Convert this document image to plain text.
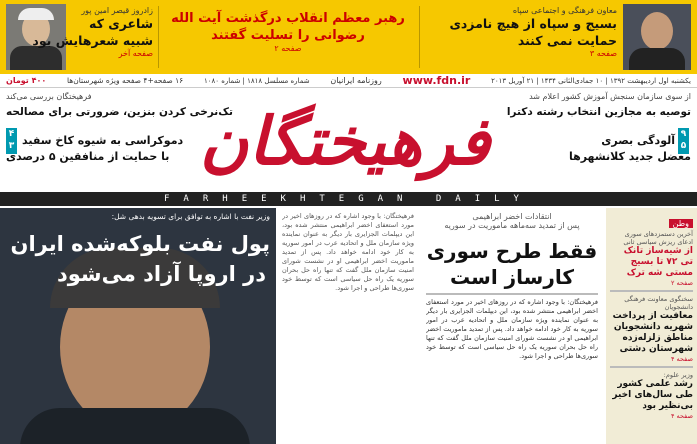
معاون فرهنگی و اجتماعی سپاه
بسیج و سپاه از هیچ نامزدی
حمایت نمی کنند
صفحه ۳
رهبر معظم انقلاب درگذشت آیت الله
رضوانی را تسلیت گفتند
صفحه ۲
زادروز قیصر امین پور
شاعری که
شبیه شعرهایش بود
صفحه آخر
یکشنبه اول اردیبهشت ۱۳۹۲ | ۱۰ جمادی‌الثانی ۱۴۳۴ | ۲۱ آوریل ۲۰۱۳
www.fdn.ir
روزنامه ایرانیان
شماره مسلسل ۱۸۱۸ | شماره ۱۰۸۰
۱۶ صفحه+۴ صفحه ویژه شهرستان‌ها
۴۰۰ تومان
فرهیختگان
از سوی سازمان سنجش آموزش کشور اعلام شد
توصیه به مجازین انتخاب رشته دکترا
۹ ۵
آلودگی بصری
معضل جدید کلانشهرها
فرهیختگان بررسی می‌کند
تک‌نرخی کردن بنزین، ضرورتی برای مصالحه
۴ ۳ دموکراسی به شیوه کاخ سفید
با حمایت از منافقین ۵ درصدی
FARHEEKHTEGAN DAILY
وزیر نفت با اشاره به توافق برای تسویه بدهی شل:
پول نفت بلوکه‌شده ایران
در اروپا آزاد می‌شود
انتقادات اخضر ابراهیمی
پس از تمدید سه‌ماهه ماموریت در سوریه
فقط طرح سوری
کارساز است
فرهیختگان: با وجود اشاره که در روزهای اخیر در مورد استعفای اخضر ابراهیمی منتشر شده بود، این دیپلمات الجزایری بار دیگر به عنوان نماینده ویژه سازمان ملل و اتحادیه عرب در امور سوریه به کار خود ادامه خواهد داد. پس از تمدید ماموریت اخضر ابراهیمی او در نشست شورای امنیت سازمان ملل گفت که تنها راه حل بحران سوریه یک راه حل سیاسی است که توسط خود سوری‌ها طراحی و اجرا شود.
فرهیختگان: با وجود اشاره که در روزهای اخیر در مورد استعفای اخضر ابراهیمی منتشر شده بود، این دیپلمات الجزایری بار دیگر به عنوان نماینده ویژه سازمان ملل و اتحادیه عرب در امور سوریه به کار خود ادامه خواهد داد. پس از تمدید ماموریت اخضر ابراهیمی او در نشست شورای امنیت سازمان ملل گفت که تنها راه حل بحران سوریه یک راه حل سیاسی است که توسط خود سوری‌ها طراحی و اجرا شود.
وطن
آخرین دستمزدهای سوری ادعای ریزش سیاسی ثانی
از شیه‌ساز تانک تی ۷۲ تا بسیج مستی شه‌ ترک
صفحه ۲
سخنگوی معاونت فرهنگی دانشجویان
معافیت از پرداخت شهریه دانشجویان مناطق زلزله‌زده شهرستان دشتی
صفحه ۴
وزیر علوم:
رشد علمی کشور طی سال‌های اخیر بی‌نظیر بود
صفحه ۴
